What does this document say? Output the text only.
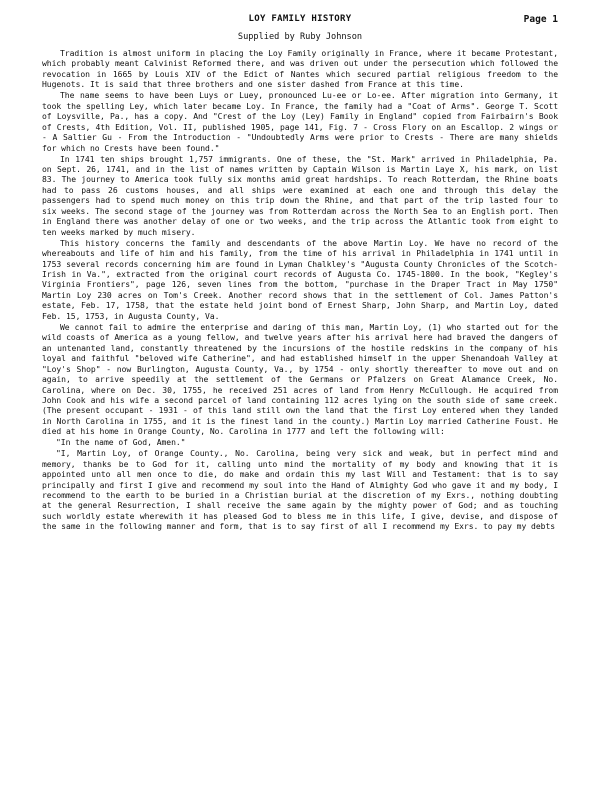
LOY FAMILY HISTORY	Page 1
Supplied by Ruby Johnson

Tradition is almost uniform in placing the Loy Family originally in France, where it became Protestant, which probably meant Calvinist Reformed there, and was driven out under the persecution which followed the revocation in 1665 by Louis XIV of the Edict of Nantes which secured partial religious freedom to the Hugenots. It is said that three brothers and one sister dashed from France at this time.

The name seems to have been Luys or Luey, pronounced Lu-ee or Lo-ee. After migration into Germany, it took the spelling Ley, which later became Loy. In France, the family had a "Coat of Arms". George T. Scott of Loysville, Pa., has a copy. And "Crest of the Loy (Ley) Family in England" copied from Fairbairn's Book of Crests, 4th Edition, Vol. II, published 1905, page 141, Fig. 7 - Cross Flory on an Escallop. 2 wings or - A Saltier Gu - From the Introduction - "Undoubtedly Arms were prior to Crests - There are many shields for which no Crests have been found."

In 1741 ten ships brought 1,757 immigrants. One of these, the "St. Mark" arrived in Philadelphia, Pa. on Sept. 26, 1741, and in the list of names written by Captain Wilson is Martin Laye X, his mark, on list 83. The journey to America took fully six months amid great hardships. To reach Rotterdam, the Rhine boats had to pass 26 customs houses, and all ships were examined at each one and through this delay the passengers had to spend much money on this trip down the Rhine, and that part of the trip lasted four to six weeks. The second stage of the journey was from Rotterdam across the North Sea to an English port. Then in England there was another delay of one or two weeks, and the trip across the Atlantic took from eight to ten weeks marked by much misery.

This history concerns the family and descendants of the above Martin Loy. We have no record of the whereabouts and life of him and his family, from the time of his arrival in Philadelphia in 1741 until in 1753 several records concerning him are found in Lyman Chalkley's "Augusta County Chronicles of the Scotch-Irish in Va.", extracted from the original court records of Augusta Co. 1745-1800. In the book, "Kegley's Virginia Frontiers", page 126, seven lines from the bottom, "purchase in the Draper Tract in May 1750" Martin Loy 230 acres on Tom's Creek. Another record shows that in the settlement of Col. James Patton's estate, Feb. 17, 1758, that the estate held joint bond of Ernest Sharp, John Sharp, and Martin Loy, dated Feb. 15, 1753, in Augusta County, Va.

We cannot fail to admire the enterprise and daring of this man, Martin Loy, (1) who started out for the wild coasts of America as a young fellow, and twelve years after his arrival here had braved the dangers of an untenanted land, constantly threatened by the incursions of the hostile redskins in the company of his loyal and faithful "beloved wife Catherine", and had established himself in the upper Shenandoah Valley at "Loy's Shop" - now Burlington, Augusta County, Va., by 1754 - only shortly thereafter to move out and on again, to arrive speedily at the settlement of the Germans or Pfalzers on Great Alamance Creek, No. Carolina, where on Dec. 30, 1755, he received 251 acres of land from Henry McCullough. He acquired from John Cook and his wife a second parcel of land containing 112 acres lying on the south side of same creek. (The present occupant - 1931 - of this land still own the land that the first Loy entered when they landed in North Carolina in 1755, and it is the finest land in the county.) Martin Loy married Catherine Foust. He died at his home in Orange County, No. Carolina in 1777 and left the following will:

"In the name of God, Amen."

"I, Martin Loy, of Orange County., No. Carolina, being very sick and weak, but in perfect mind and memory, thanks be to God for it, calling unto mind the mortality of my body and knowing that it is appointed unto all men once to die, do make and ordain this my last Will and Testament: that is to say principally and first I give and recommend my soul into the Hand of Almighty God who gave it and my body, I recommend to the earth to be buried in a Christian burial at the discretion of my Exrs., nothing doubting at the general Resurrection, I shall receive the same again by the mighty power of God; and as touching such worldly estate wherewith it has pleased God to bless me in this life, I give, devise, and dispose of the same in the following manner and form, that is to say first of all I recommend my Exrs. to pay my debts
